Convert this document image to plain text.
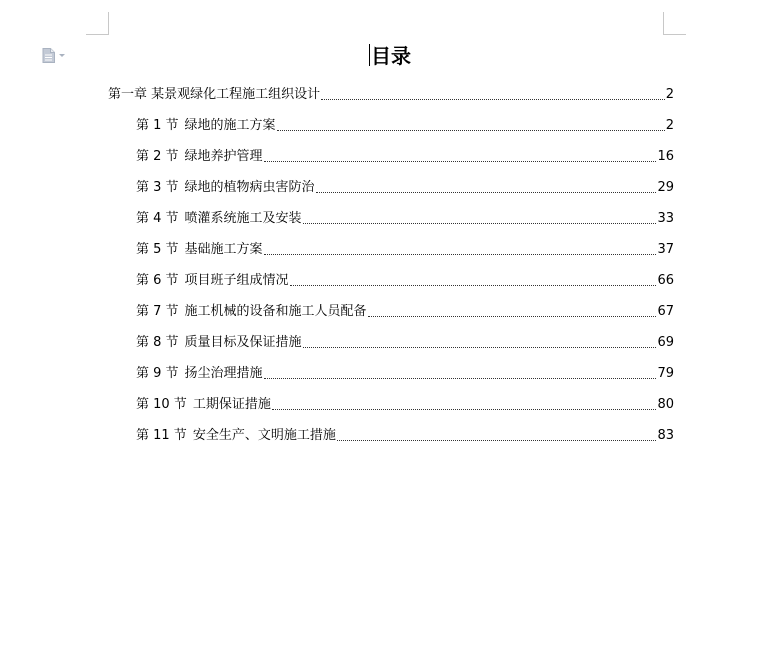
目录
第一章 某景观绿化工程施工组织设计	2
第 1 节 绿地的施工方案	2
第 2 节 绿地养护管理	16
第 3 节 绿地的植物病虫害防治	29
第 4 节 喷灌系统施工及安装	33
第 5 节 基础施工方案	37
第 6 节 项目班子组成情况	66
第 7 节 施工机械的设备和施工人员配备	67
第 8 节 质量目标及保证措施	69
第 9 节 扬尘治理措施	79
第 10 节 工期保证措施	80
第 11 节 安全生产、文明施工措施	83
